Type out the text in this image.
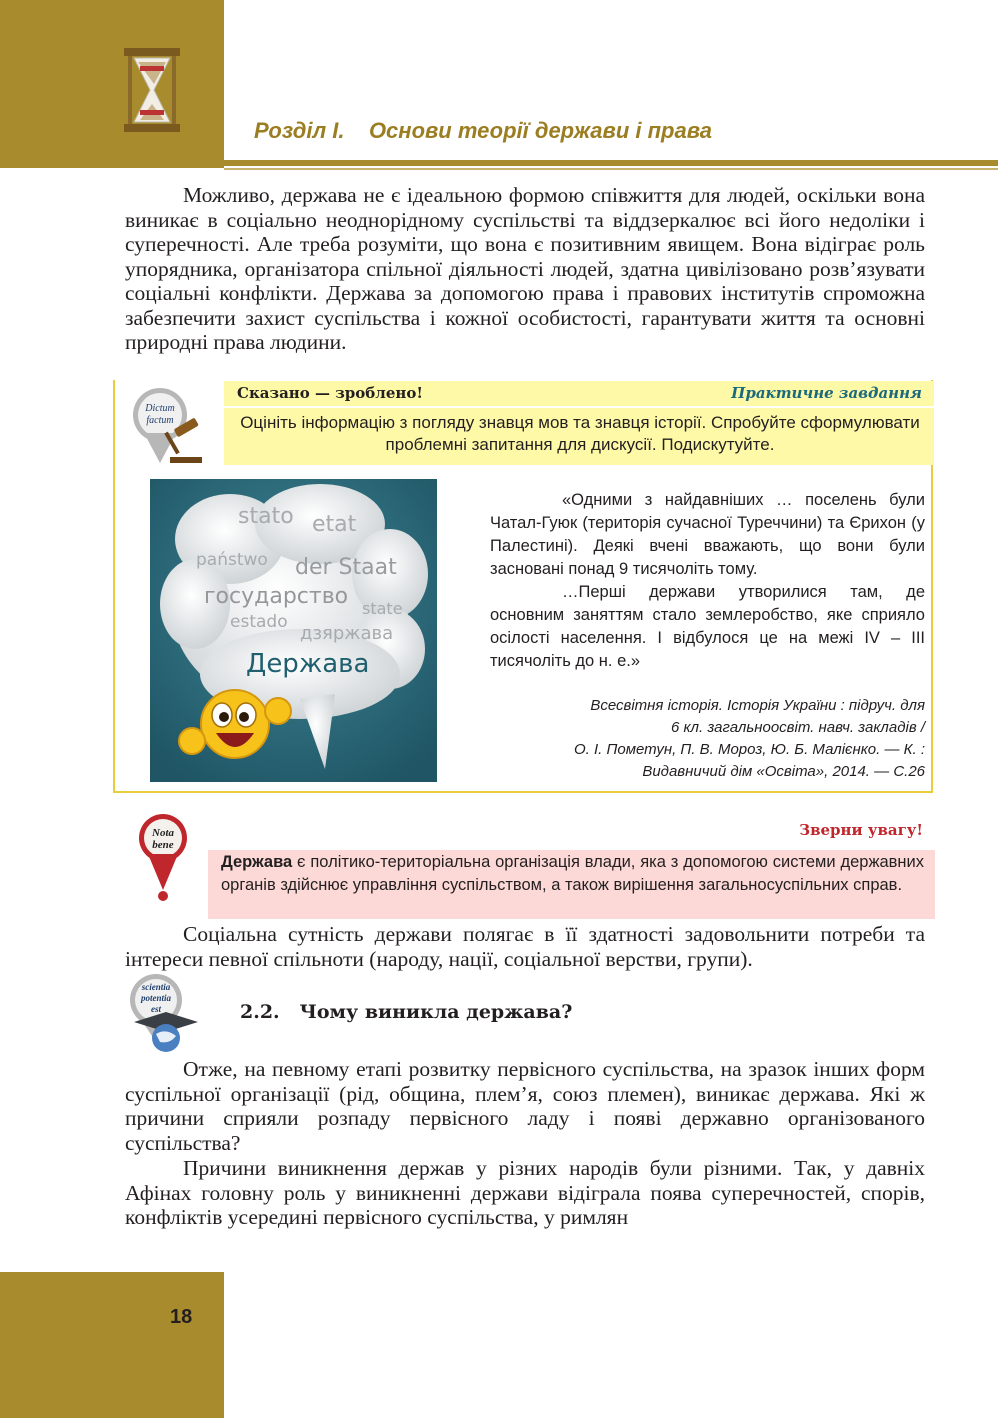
Розділ І.    Основи теорії держави і права

Можливо, держава не є ідеальною формою співжиття для людей, оскільки вона виникає в соціально неоднорідному суспільстві та віддзеркалює всі його недоліки і суперечності. Але треба розуміти, що вона є позитивним явищем. Вона відіграє роль упорядника, організатора спільної діяльності людей, здатна цивілізовано розв’язувати соціальні конфлікти. Держава за допомогою права і правових інститутів спроможна забезпечити захист суспільства і кожної особистості, гарантувати життя та основні природні права людини.

Dictum
factum
Сказано — зроблено!	Практичне завдання
Оцініть інформацію з погляду знавця мов та знавця історії. Спробуйте сформулювати проблемні запитання для дискусії. Подискутуйте.
stato etat
państwo der Staat
государство state
estado
дзяржава
Держава

«Одними з найдавніших … поселень були Чатал-Гуюк (територія сучасної Туреччини) та Єрихон (у Палестині). Деякі вчені вважають, що вони були засновані понад 9 тисячоліть тому.

…Перші держави утворилися там, де основним заняттям стало землеробство, яке сприяло осілості населення. І відбулося це на межі IV – III тисячоліть до н. е.»

Всесвітня історія. Історія України : підруч. для
6 кл. загальноосвіт. навч. закладів /
О. І. Пометун, П. В. Мороз, Ю. Б. Малієнко. — К. :
Видавничий дім «Освіта», 2014. — С.26
Nota
bene
Зверни увагу!
Держава є політико-територіальна організація влади, яка з допомогою системи державних органів здійснює управління суспільством, а також вирішення загальносуспільних справ.

Соціальна сутність держави полягає в її здатності задовольнити потреби та інтереси певної спільноти (народу, нації, соціальної верстви, групи).

scientia
potentia
est	2.2.   Чому виникла держава?

Отже, на певному етапі розвитку первісного суспільства, на зразок інших форм суспільної організації (рід, община, плем’я, союз племен), виникає держава. Які ж причини сприяли розпаду первісного ладу і появі державно організованого суспільства?

Причини виникнення держав у різних народів були різними. Так, у давніх Афінах головну роль у виникненні держави відіграла поява суперечностей, спорів, конфліктів усередині первісного суспільства, у римлян

18
